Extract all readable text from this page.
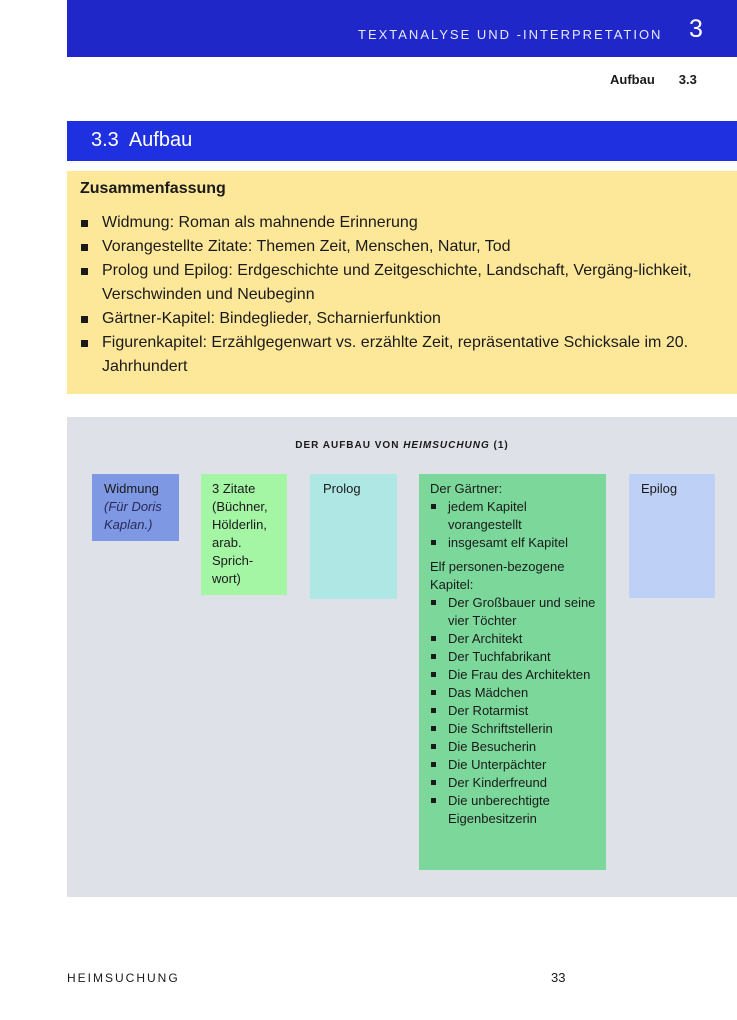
TEXTANALYSE UND -INTERPRETATION 3
Aufbau 3.3
3.3  Aufbau
Zusammenfassung
Widmung: Roman als mahnende Erinnerung
Vorangestellte Zitate: Themen Zeit, Menschen, Natur, Tod
Prolog und Epilog: Erdgeschichte und Zeitgeschichte, Landschaft, Vergäng-lichkeit, Verschwinden und Neubeginn
Gärtner-Kapitel: Bindeglieder, Scharnierfunktion
Figurenkapitel: Erzählgegenwart vs. erzählte Zeit, repräsentative Schicksale im 20. Jahrhundert
DER AUFBAU VON HEIMSUCHUNG (1)
Widmung
(Für Doris Kaplan.)
3 Zitate (Büchner, Hölderlin, arab. Sprich-wort)
Prolog	Der Gärtner:
jedem Kapitel vorangestellt
insgesamt elf Kapitel
Elf personen-bezogene Kapitel:
Der Großbauer und seine vier Töchter
Der Architekt
Der Tuchfabrikant
Die Frau des Architekten
Das Mädchen
Der Rotarmist
Die Schriftstellerin
Die Besucherin
Die Unterpächter
Der Kinderfreund
Die unberechtigte Eigenbesitzerin
Epilog
HEIMSUCHUNG	33
